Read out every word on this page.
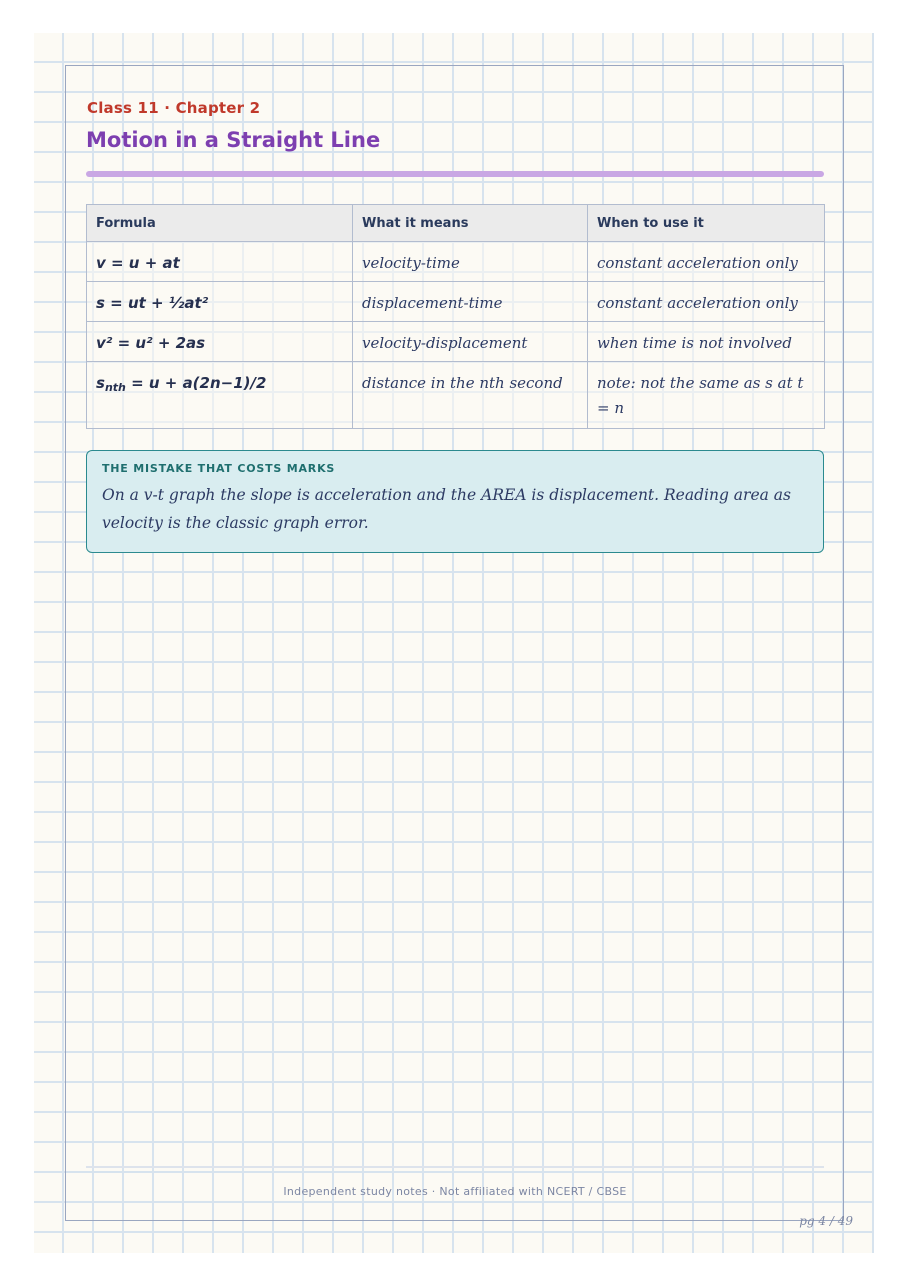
Class 11 · Chapter 2
Motion in a Straight Line
Formula	What it means	When to use it
v = u + at	velocity-time	constant acceleration only
s = ut + ½at²	displacement-time	constant acceleration only
v² = u² + 2as	velocity-displacement	when time is not involved
$s_{nth} = u + a(2n-1)/2$	distance in the nth second	note: not the same as s at t = n
THE MISTAKE THAT COSTS MARKS
On a v-t graph the slope is acceleration and the AREA is displacement. Reading area as velocity is the classic graph error.
Independent study notes · Not affiliated with NCERT / CBSE
pg 4 / 49
